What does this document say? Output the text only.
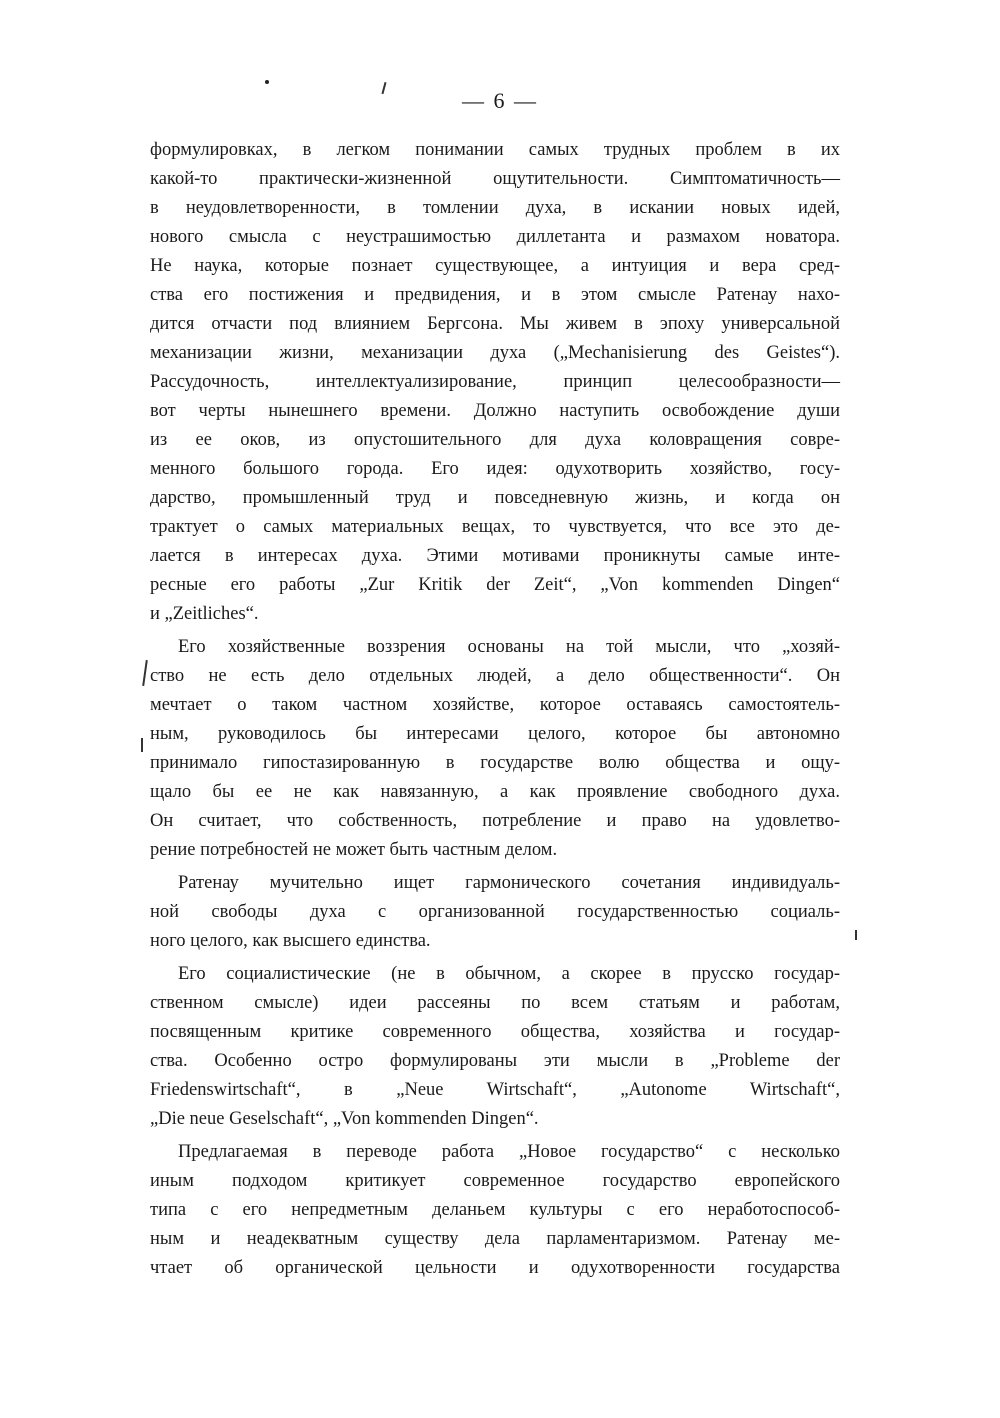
— 6 —
формулировках, в легком понимании самых трудных проблем в их
какой-то практически-жизненной ощутительности. Симптоматичность—
в неудовлетворенности, в томлении духа, в искании новых идей,
нового смысла с неустрашимостью диллетанта и размахом новатора.
Не наука, которые познает существующее, а интуиция и вера сред-
ства его постижения и предвидения, и в этом смысле Ратенау нахо-
дится отчасти под влиянием Бергсона. Мы живем в эпоху универсальной
механизации жизни, механизации духа („Mechanisierung des Geistes“).
Рассудочность, интеллектуализирование, принцип целесообразности—
вот черты нынешнего времени. Должно наступить освобождение души
из ее оков, из опустошительного для духа коловращения совре-
менного большого города. Его идея: одухотворить хозяйство, госу-
дарство, промышленный труд и повседневную жизнь, и когда он
трактует о самых материальных вещах, то чувствуется, что все это де-
лается в интересах духа. Этими мотивами проникнуты самые инте-
ресные его работы „Zur Kritik der Zeit“, „Von kommenden Dingen“
и „Zeitliches“.
Его хозяйственные воззрения основаны на той мысли, что „хозяй-
ство не есть дело отдельных людей, а дело общественности“. Он
мечтает о таком частном хозяйстве, которое оставаясь самостоятель-
ным, руководилось бы интересами целого, которое бы автономно
принимало гипостазированную в государстве волю общества и ощу-
щало бы ее не как навязанную, а как проявление свободного духа.
Он считает, что собственность, потребление и право на удовлетво-
рение потребностей не может быть частным делом.
Ратенау мучительно ищет гармонического сочетания индивидуаль-
ной свободы духа с организованной государственностью социаль-
ного целого, как высшего единства.
Его социалистические (не в обычном, а скорее в прусско государ-
ственном смысле) идеи рассеяны по всем статьям и работам,
посвященным критике современного общества, хозяйства и государ-
ства. Особенно остро формулированы эти мысли в „Probleme der
Friedenswirtschaft“, в „Neue Wirtschaft“, „Autonome Wirtschaft“,
„Die neue Geselschaft“, „Von kommenden Dingen“.
Предлагаемая в переводе работа „Новое государство“ с несколько
иным подходом критикует современное государство европейского
типа с его непредметным деланьем культуры с его неработоспособ-
ным и неадекватным существу дела парламентаризмом. Ратенау ме-
чтает об органической цельности и одухотворенности государства
